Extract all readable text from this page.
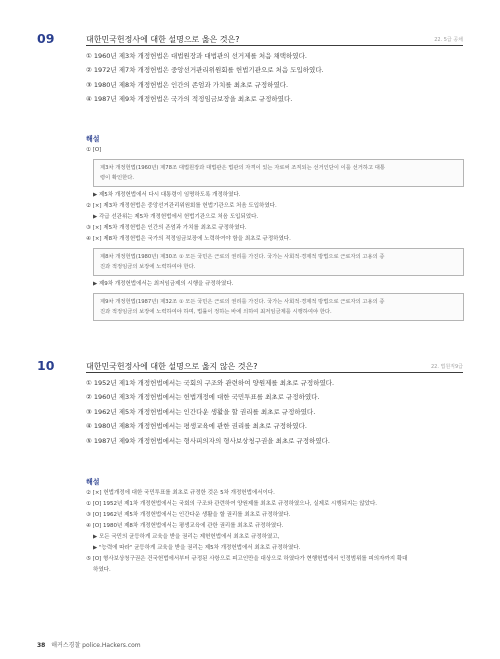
09	대한민국헌정사에 대한 설명으로 옳은 것은?	22. 5급 공채
① 1960년 제3차 개정헌법은 대법원장과 대법관의 선거제를 처음 채택하였다.
② 1972년 제7차 개정헌법은 중앙선거관리위원회를 헌법기관으로 처음 도입하였다.
③ 1980년 제8차 개정헌법은 인간의 존엄과 가치를 최초로 규정하였다.
④ 1987년 제9차 개정헌법은 국가의 적정임금보장을 최초로 규정하였다.
해설
① [O]
제3차 개정헌법(1960년) 제78조 대법원장과 대법관은 법관의 자격이 있는 자로써 조직되는 선거인단이 이를 선거하고 대통
령이 확인한다.
▶ 제5차 개정헌법에서 다시 대통령이 임명하도록 개정하였다.
② [×] 제3차 개정헌법은 중앙선거관리위원회를 헌법기관으로 처음 도입하였다.
▶ 각급 선관위는 제5차 개정헌법에서 헌법기관으로 처음 도입되었다.
③ [×] 제5차 개정헌법은 인간의 존엄과 가치를 최초로 규정하였다.
④ [×] 제8차 개정헌법은 국가의 적정임금보장에 노력하여야 함을 최초로 규정하였다.
제8차 개정헌법(1980년) 제30조 ① 모든 국민은 근로의 권리를 가진다. 국가는 사회적·경제적 방법으로 근로자의 고용의 증
진과 적정임금의 보장에 노력하여야 한다.
▶ 제9차 개정헌법에서는 최저임금제의 시행을 규정하였다.
제9차 개정헌법(1987년) 제32조 ① 모든 국민은 근로의 권리를 가진다. 국가는 사회적·경제적 방법으로 근로자의 고용의 증
진과 적정임금의 보장에 노력하여야 하며, 법률이 정하는 바에 의하여 최저임금제를 시행하여야 한다.
10	대한민국헌정사에 대한 설명으로 옳지 않은 것은?	22. 법원직9급
① 1952년 제1차 개정헌법에서는 국회의 구조와 관련하여 양원제를 최초로 규정하였다.
② 1960년 제3차 개정헌법에서는 헌법개정에 대한 국민투표를 최초로 규정하였다.
③ 1962년 제5차 개정헌법에서는 인간다운 생활을 할 권리를 최초로 규정하였다.
④ 1980년 제8차 개정헌법에서는 평생교육에 관한 권리를 최초로 규정하였다.
⑤ 1987년 제9차 개정헌법에서는 형사피의자의 형사보상청구권을 최초로 규정하였다.
해설
② [×] 헌법개정에 대한 국민투표를 최초로 규정한 것은 5차 개정헌법에서이다.
① [O] 1952년 제1차 개정헌법에서는 국회의 구조와 관련하여 양원제를 최초로 규정하였으나, 실제로 시행되지는 않았다.
③ [O] 1962년 제5차 개정헌법에서는 인간다운 생활을 할 권리를 최초로 규정하였다.
④ [O] 1980년 제8차 개정헌법에서는 평생교육에 관한 권리를 최초로 규정하였다.
▶ 모든 국민의 균등하게 교육을 받을 권리는 제헌헌법에서 최초로 규정하였고,
▶ "능력에 따라" 균등하게 교육을 받을 권리는 제5차 개정헌법에서 최초로 규정하였다.
⑤ [O] 형사보상청구권은 건국헌법에서부터 규정된 사항으로 피고인만을 대상으로 하였다가 현행헌법에서 인정범위를 피의자까지 확대
하였다.
38 해커스경찰 police.Hackers.com
